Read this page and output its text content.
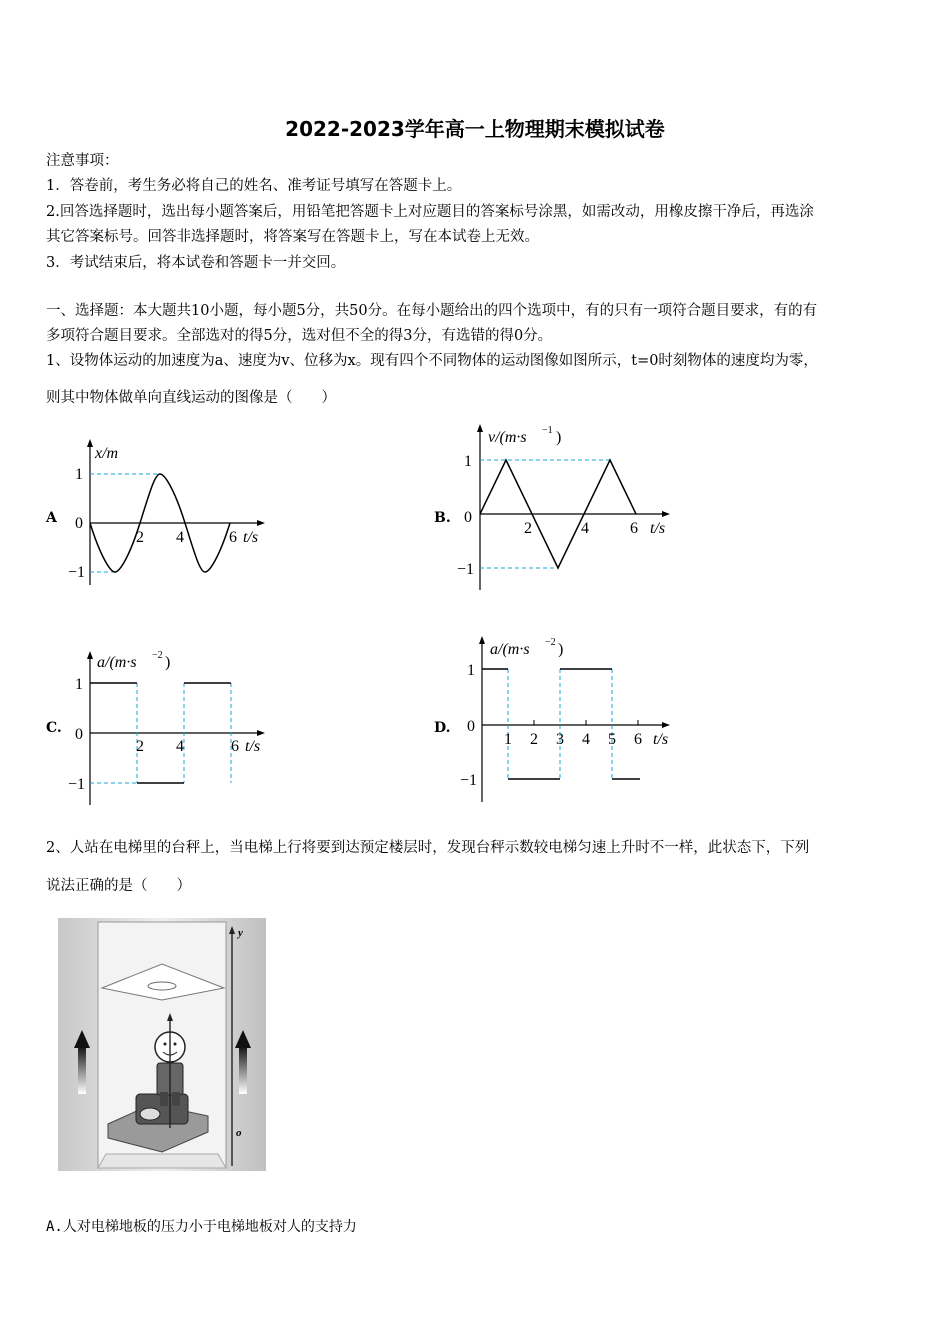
2022-2023学年高一上物理期末模拟试卷
注意事项：
1．答卷前，考生务必将自己的姓名、准考证号填写在答题卡上。
2.回答选择题时，选出每小题答案后，用铅笔把答题卡上对应题目的答案标号涂黑，如需改动，用橡皮擦干净后，再选涂
其它答案标号。回答非选择题时，将答案写在答题卡上，写在本试卷上无效。
3．考试结束后，将本试卷和答题卡一并交回。
一、选择题：本大题共10小题，每小题5分，共50分。在每小题给出的四个选项中，有的只有一项符合题目要求，有的有
多项符合题目要求。全部选对的得5分，选对但不全的得3分，有选错的得0分。
1、设物体运动的加速度为a、速度为v、位移为x。现有四个不同物体的运动图像如图所示，t=0时刻物体的速度均为零，
则其中物体做单向直线运动的图像是（　　）
A
1
0
−1
2 4	6 t/s
x/m
B.
1
0
−1
2	4	6 t/s
v/(m·s −1 )
C.
1
0
−1
2 4	6 t/s
a/(m·s −2 )
D.
1
0
−1
1 2 3 4 5 6 t/s
a/(m·s −2 )
2、人站在电梯里的台秤上，当电梯上行将要到达预定楼层时，发现台秤示数较电梯匀速上升时不一样，此状态下，下列
说法正确的是（　　）
y
o
A.人对电梯地板的压力小于电梯地板对人的支持力
